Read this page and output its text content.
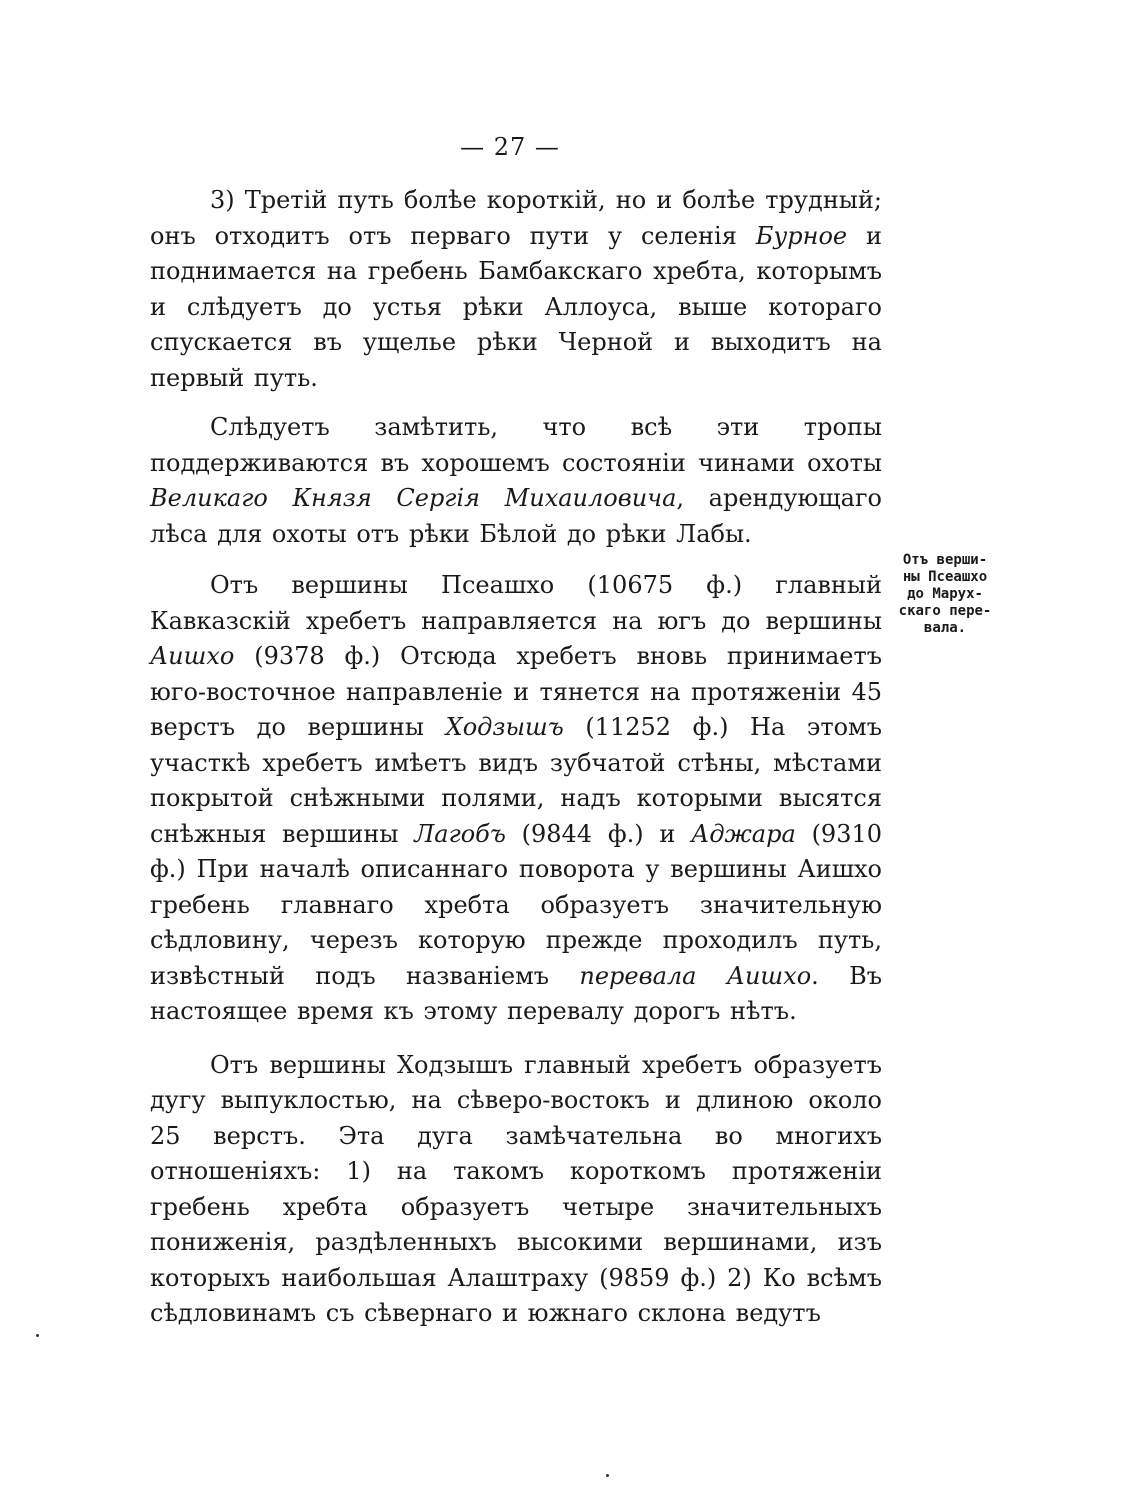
— 27 —

3) Третій путь болѣе короткій, но и болѣе трудный; онъ отходитъ отъ перваго пути у селенія Бурное и поднимается на гребень Бамбакскаго хребта, которымъ и слѣдуетъ до устья рѣки Аллоуса, выше котораго спускается въ ущелье рѣки Черной и выходитъ на первый путь.

Слѣдуетъ замѣтить, что всѣ эти тропы поддерживаются въ хорошемъ состояніи чинами охоты Великаго Князя Сергія Михаиловича, арендующаго лѣса для охоты отъ рѣки Бѣлой до рѣки Лабы.

Отъ вершины Псеашхо (10675 ф.) главный Кавказскій хребетъ направляется на югъ до вершины Аишхо (9378 ф.) Отсюда хребетъ вновь принимаетъ юго-восточное направленіе и тянется на протяженіи 45 верстъ до вершины Ходзышъ (11252 ф.) На этомъ участкѣ хребетъ имѣетъ видъ зубчатой стѣны, мѣстами покрытой снѣжными полями, надъ которыми высятся снѣжныя вершины Лагобъ (9844 ф.) и Аджара (9310 ф.) При началѣ описаннаго поворота у вершины Аишхо гребень главнаго хребта образуетъ значительную сѣдловину, черезъ которую прежде проходилъ путь, извѣстный подъ названіемъ перевала Аишхо. Въ настоящее время къ этому перевалу дорогъ нѣтъ.

Отъ вершины Ходзышъ главный хребетъ образуетъ дугу выпуклостью, на сѣверо-востокъ и длиною около 25 верстъ. Эта дуга замѣчательна во многихъ отношеніяхъ: 1) на такомъ короткомъ протяженіи гребень хребта образуетъ четыре значительныхъ пониженія, раздѣленныхъ высокими вершинами, изъ которыхъ наибольшая Алаштраху (9859 ф.) 2) Ко всѣмъ сѣдловинамъ съ сѣвернаго и южнаго склона ведутъ

Отъ верши-
ны Псеашхо
до Марух-
скаго пере-
вала.
